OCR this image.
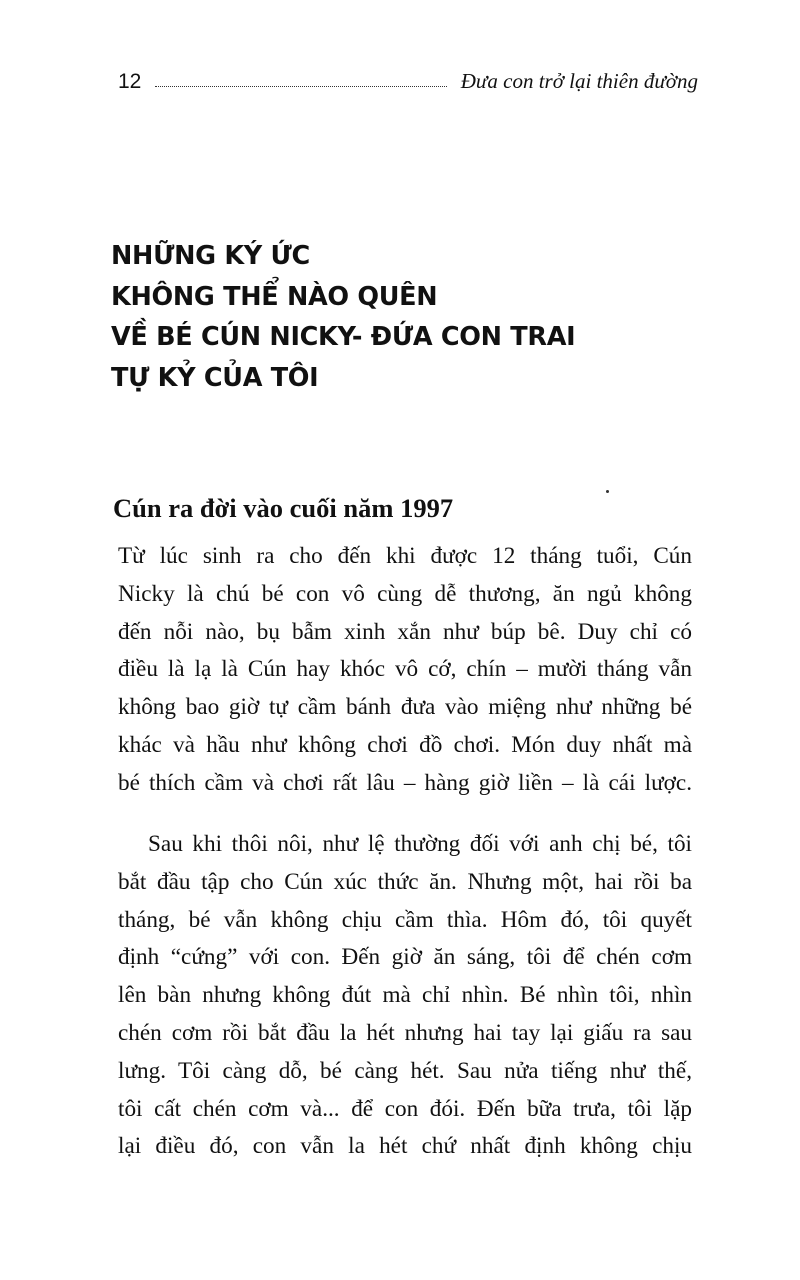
12	Đưa con trở lại thiên đường
NHỮNG KÝ ỨC
KHÔNG THỂ NÀO QUÊN
VỀ BÉ CÚN NICKY- ĐỨA CON TRAI
TỰ KỶ CỦA TÔI
Cún ra đời vào cuối năm 1997
Từ lúc sinh ra cho đến khi được 12 tháng tuổi, Cún
Nicky là chú bé con vô cùng dễ thương, ăn ngủ không
đến nỗi nào, bụ bẫm xinh xắn như búp bê. Duy chỉ có
điều là lạ là Cún hay khóc vô cớ, chín – mười tháng vẫn
không bao giờ tự cầm bánh đưa vào miệng như những bé
khác và hầu như không chơi đồ chơi. Món duy nhất mà
bé thích cầm và chơi rất lâu – hàng giờ liền – là cái lược.
Sau khi thôi nôi, như lệ thường đối với anh chị bé, tôi
bắt đầu tập cho Cún xúc thức ăn. Nhưng một, hai rồi ba
tháng, bé vẫn không chịu cầm thìa. Hôm đó, tôi quyết
định “cứng” với con. Đến giờ ăn sáng, tôi để chén cơm
lên bàn nhưng không đút mà chỉ nhìn. Bé nhìn tôi, nhìn
chén cơm rồi bắt đầu la hét nhưng hai tay lại giấu ra sau
lưng. Tôi càng dỗ, bé càng hét. Sau nửa tiếng như thế,
tôi cất chén cơm và... để con đói. Đến bữa trưa, tôi lặp
lại điều đó, con vẫn la hét chứ nhất định không chịu
